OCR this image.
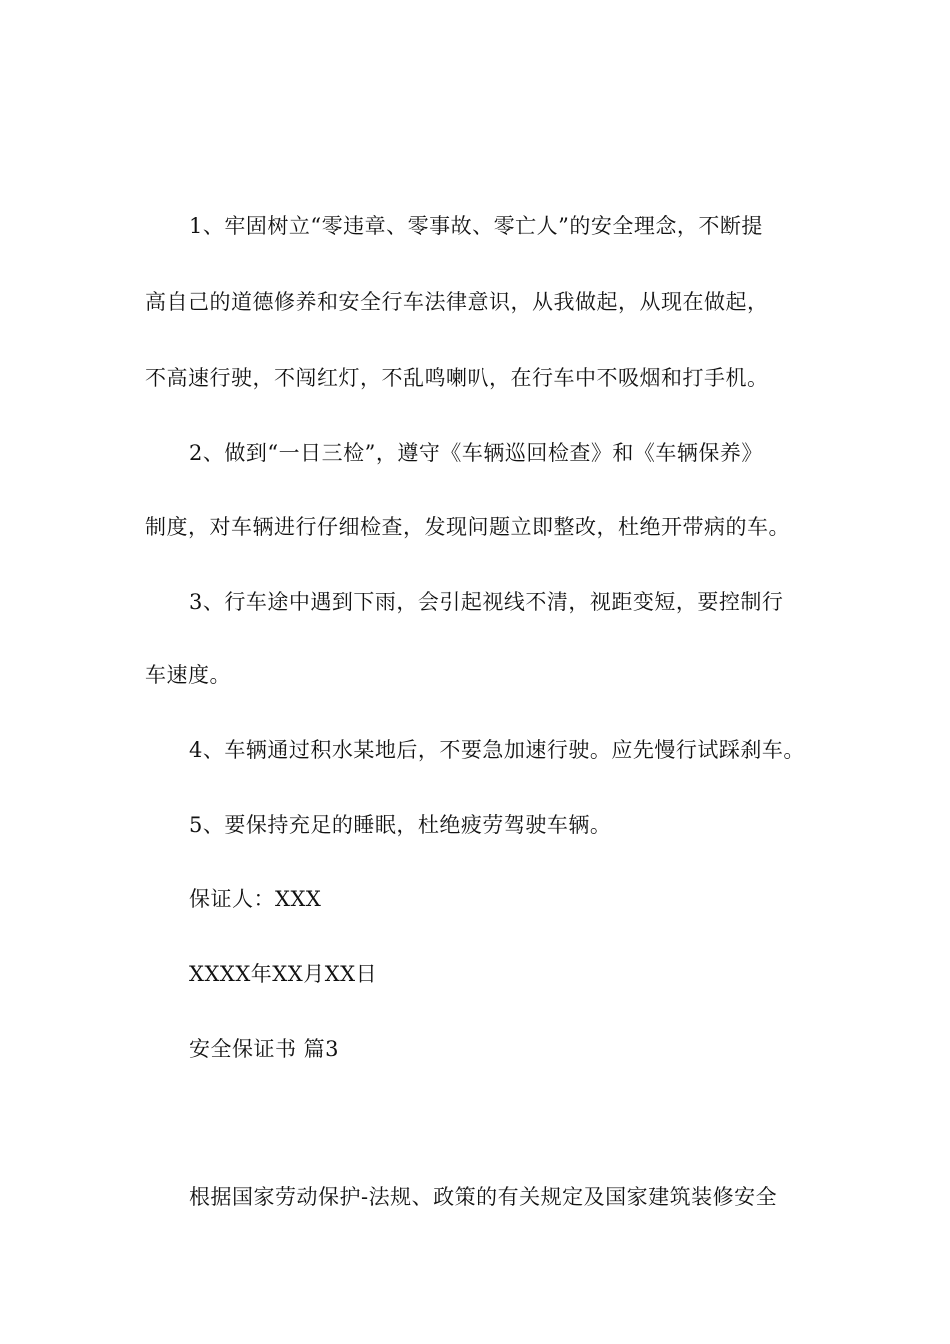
1、牢固树立“零违章、零事故、零亡人”的安全理念，不断提
高自己的道德修养和安全行车法律意识，从我做起，从现在做起，
不高速行驶，不闯红灯，不乱鸣喇叭，在行车中不吸烟和打手机。
2、做到“一日三检”，遵守《车辆巡回检查》和《车辆保养》
制度，对车辆进行仔细检查，发现问题立即整改，杜绝开带病的车。
3、行车途中遇到下雨，会引起视线不清，视距变短，要控制行
车速度。
4、车辆通过积水某地后，不要急加速行驶。应先慢行试踩刹车。
5、要保持充足的睡眠，杜绝疲劳驾驶车辆。
保证人：XXX
XXXX年XX月XX日
安全保证书 篇3
根据国家劳动保护-法规、政策的有关规定及国家建筑装修安全
